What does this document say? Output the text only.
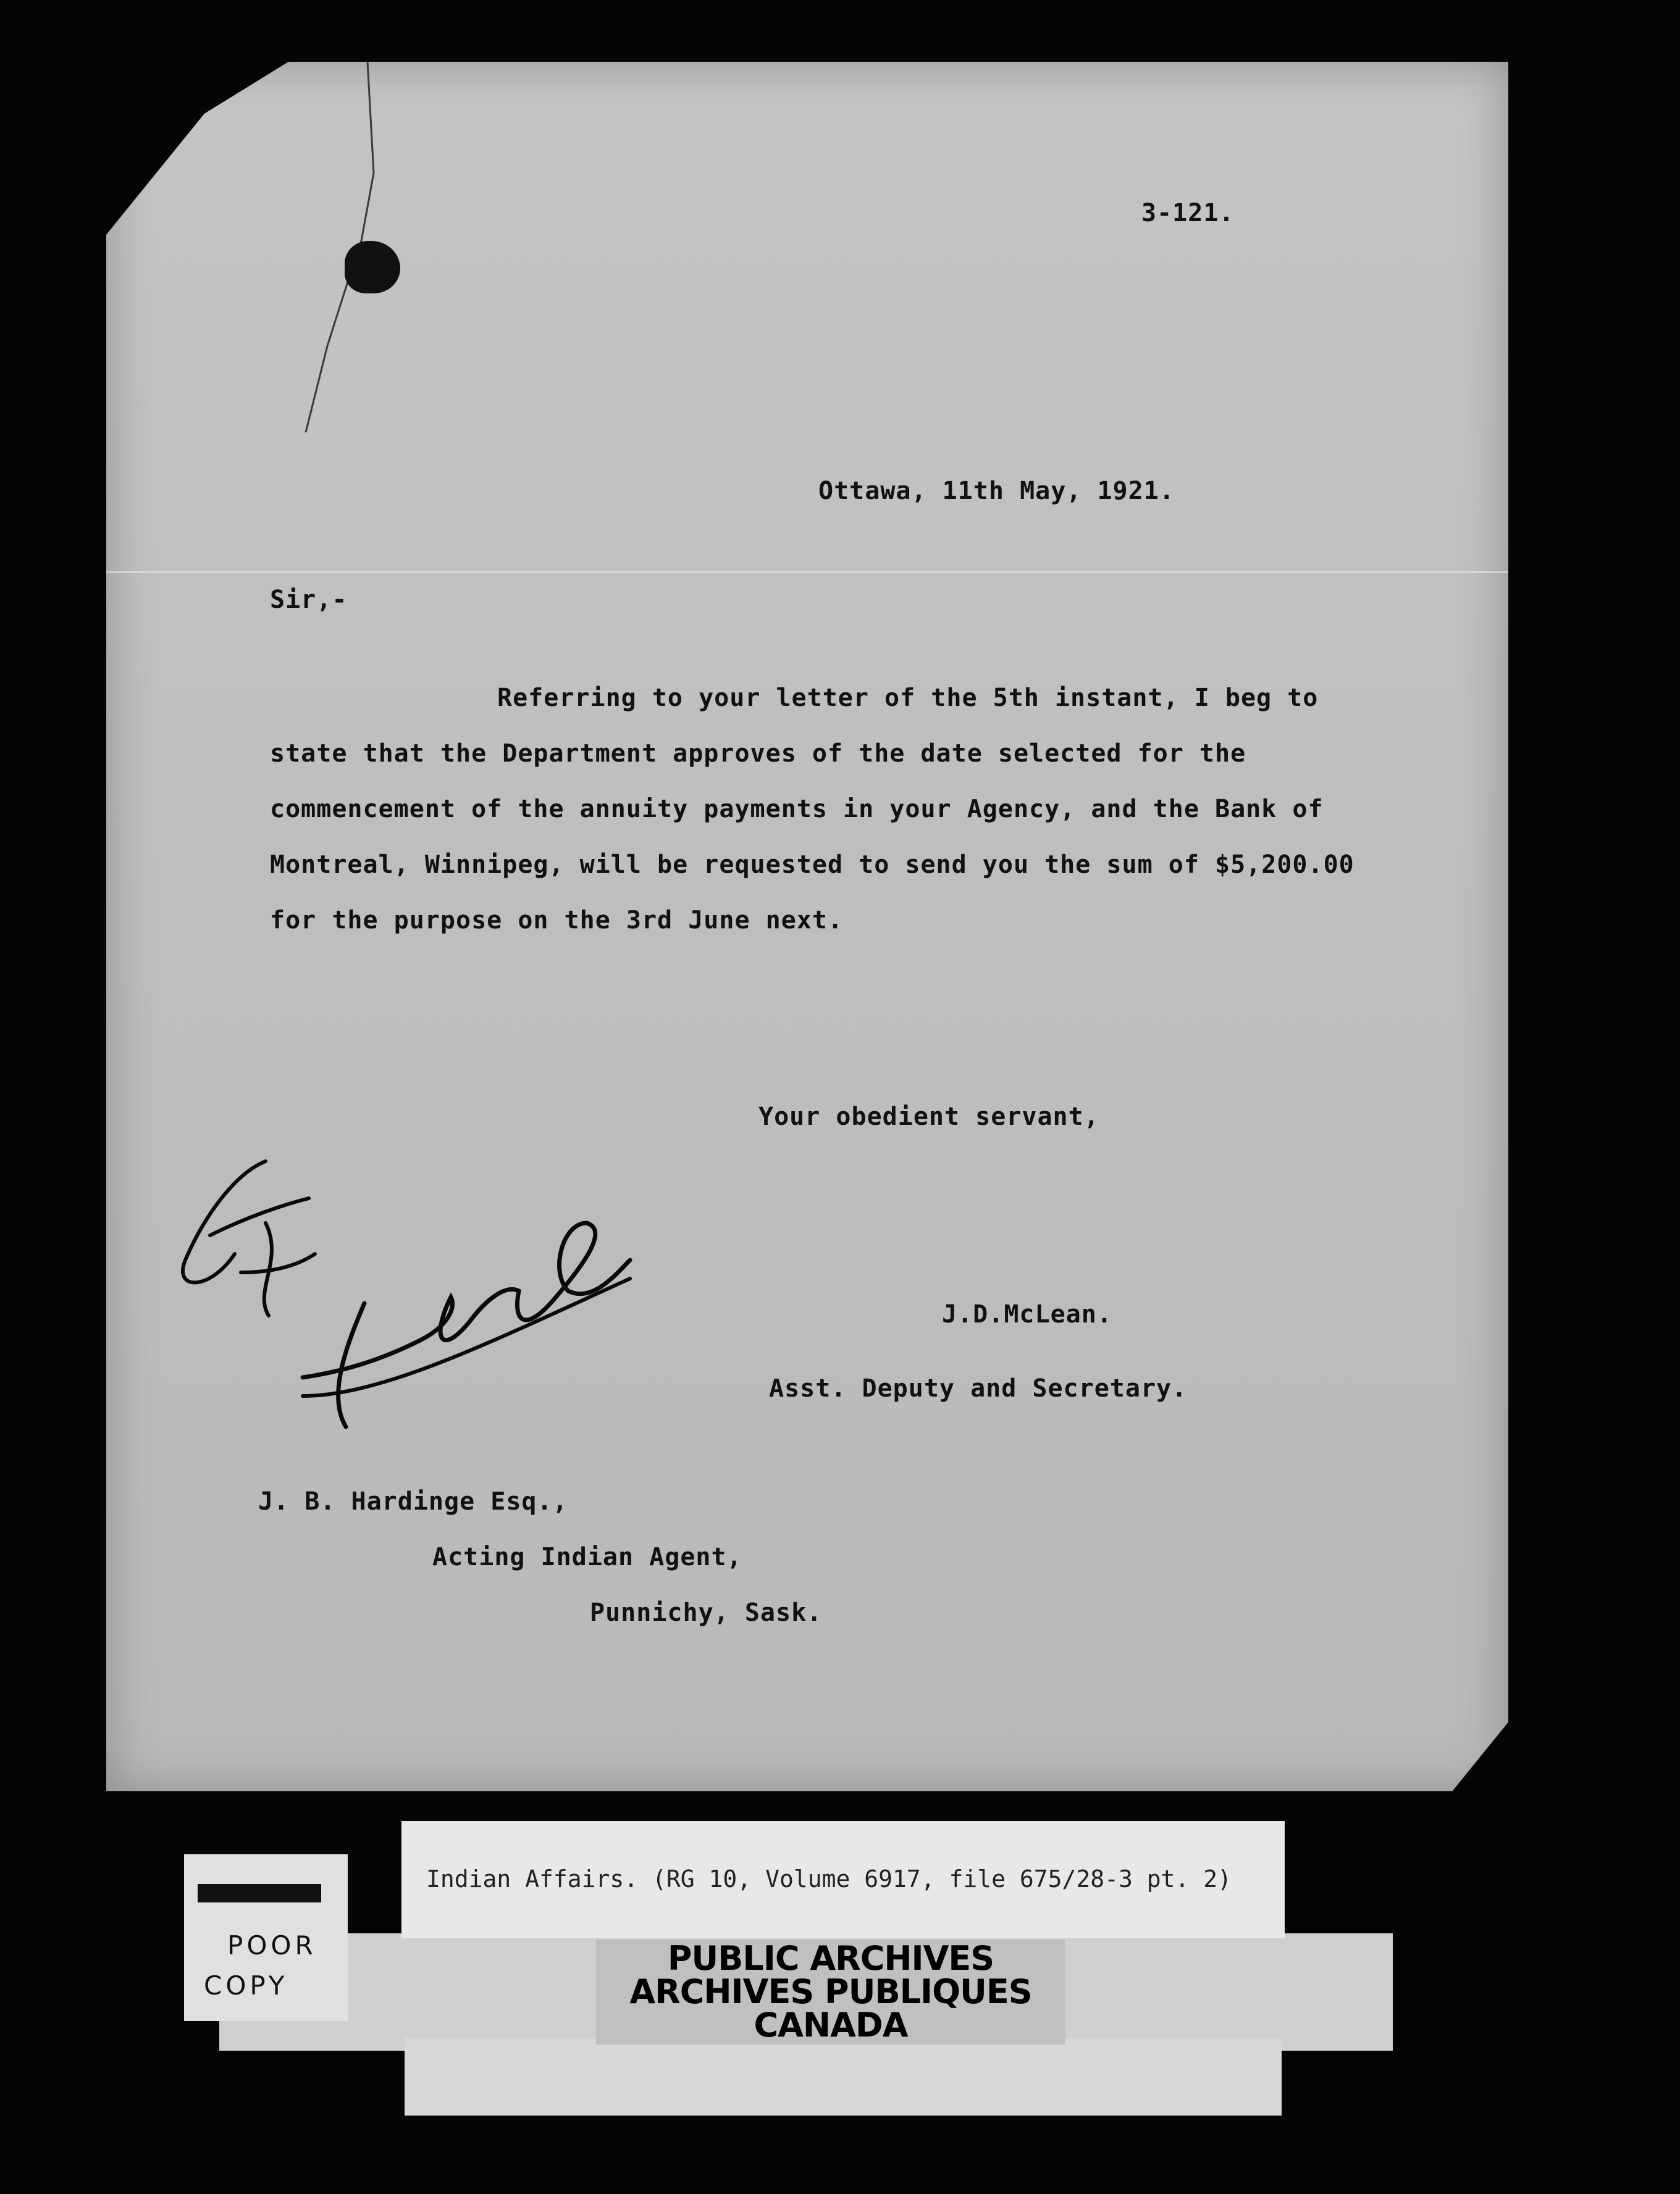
3-121.
Ottawa, 11th May, 1921.
Sir,-
Referring to your letter of the 5th instant, I beg to state that the Department approves of the date selected for the commencement of the annuity payments in your Agency, and the Bank of Montreal, Winnipeg, will be requested to send you the sum of $5,200.00 for the purpose on the 3rd June next.
Your obedient servant,
J.D.McLean.
Asst. Deputy and Secretary.
J. B. Hardinge Esq.,
Acting Indian Agent,
Punnichy, Sask.
POOR
COPY
Indian Affairs. (RG 10, Volume 6917, file 675/28-3 pt. 2)
PUBLIC ARCHIVES
ARCHIVES PUBLIQUES
CANADA
